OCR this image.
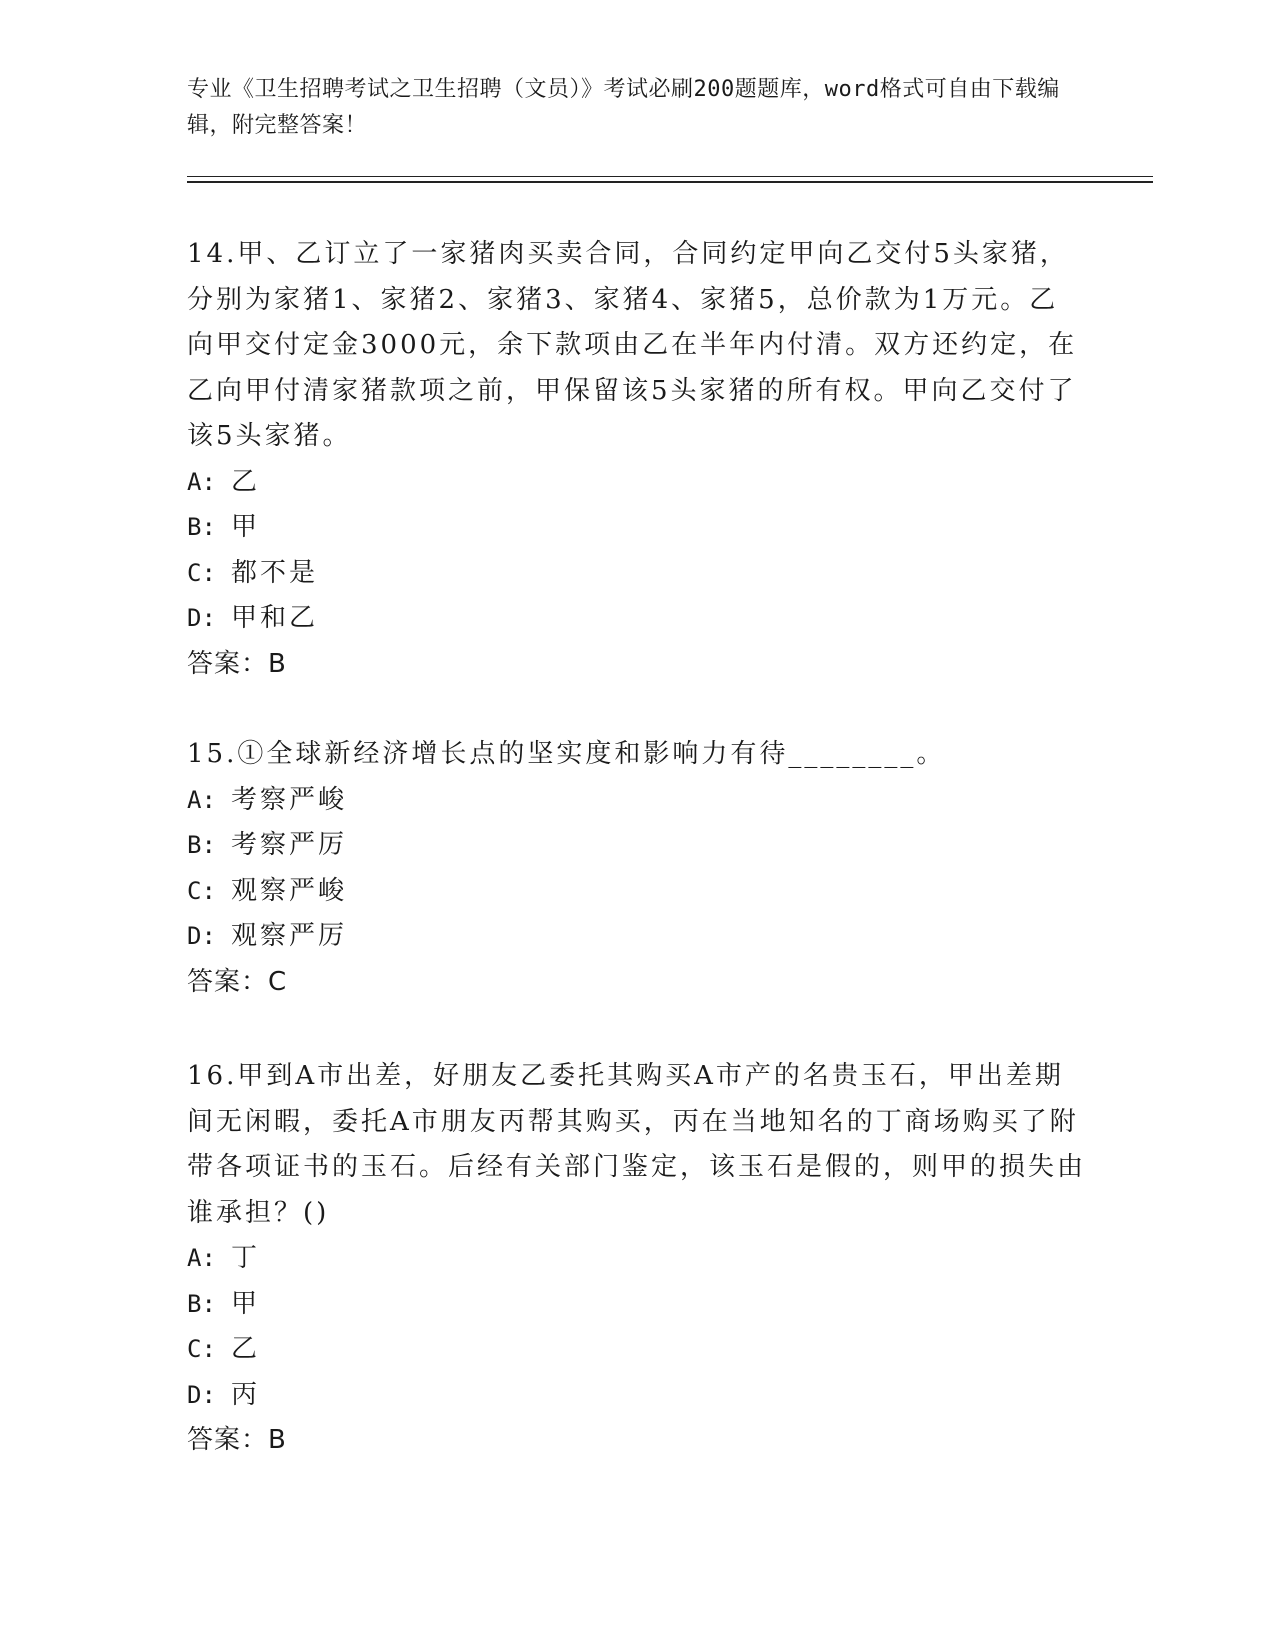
专业《卫生招聘考试之卫生招聘（文员）》考试必刷200题题库，word格式可自由下载编辑，附完整答案！

14.甲、乙订立了一家猪肉买卖合同，合同约定甲向乙交付5头家猪，分别为家猪1、家猪2、家猪3、家猪4、家猪5，总价款为1万元。乙向甲交付定金3000元，余下款项由乙在半年内付清。双方还约定，在乙向甲付清家猪款项之前，甲保留该5头家猪的所有权。甲向乙交付了该5头家猪。

A: 乙

B: 甲

C: 都不是

D: 甲和乙

答案：B

15.①全球新经济增长点的坚实度和影响力有待________。

A: 考察严峻

B: 考察严厉

C: 观察严峻

D: 观察严厉

答案：C

16.甲到A市出差，好朋友乙委托其购买A市产的名贵玉石，甲出差期间无闲暇，委托A市朋友丙帮其购买，丙在当地知名的丁商场购买了附带各项证书的玉石。后经有关部门鉴定，该玉石是假的，则甲的损失由谁承担？()

A: 丁

B: 甲

C: 乙

D: 丙

答案：B
